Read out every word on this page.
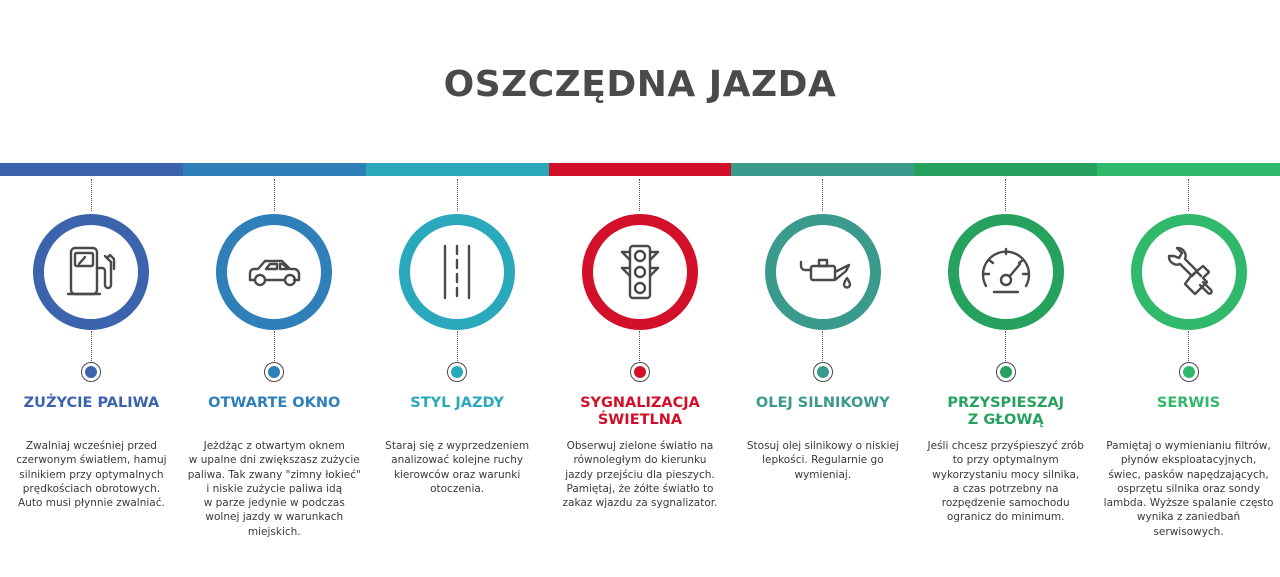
OSZCZĘDNA JAZDA
ZUŻYCIE PALIWA
Zwalniaj wcześniej przed
czerwonym światłem, hamuj
silnikiem przy optymalnych
prędkościach obrotowych.
Auto musi płynnie zwalniać.
OTWARTE OKNO
Jeżdżąc z otwartym oknem
w upalne dni zwiększasz zużycie
paliwa. Tak zwany "zimny łokieć"
i niskie zużycie paliwa idą
w parze jedynie w podczas
wolnej jazdy w warunkach
miejskich.
STYL JAZDY
Staraj się z wyprzedzeniem
analizować kolejne ruchy
kierowców oraz warunki
otoczenia.
SYGNALIZACJA
ŚWIETLNA
Obserwuj zielone światło na
równoległym do kierunku
jazdy przejściu dla pieszych.
Pamiętaj, że żółte światło to
zakaz wjazdu za sygnalizator.
OLEJ SILNIKOWY
Stosuj olej silnikowy o niskiej
lepkości. Regularnie go
wymieniaj.
PRZYSPIESZAJ
Z GŁOWĄ
Jeśli chcesz przyśpieszyć zrób
to przy optymalnym
wykorzystaniu mocy silnika,
a czas potrzebny na
rozpędzenie samochodu
ogranicz do minimum.
SERWIS
Pamiętaj o wymienianiu filtrów,
płynów eksploatacyjnych,
świec, pasków napędzających,
osprzętu silnika oraz sondy
lambda. Wyższe spalanie często
wynika z zaniedbań
serwisowych.
